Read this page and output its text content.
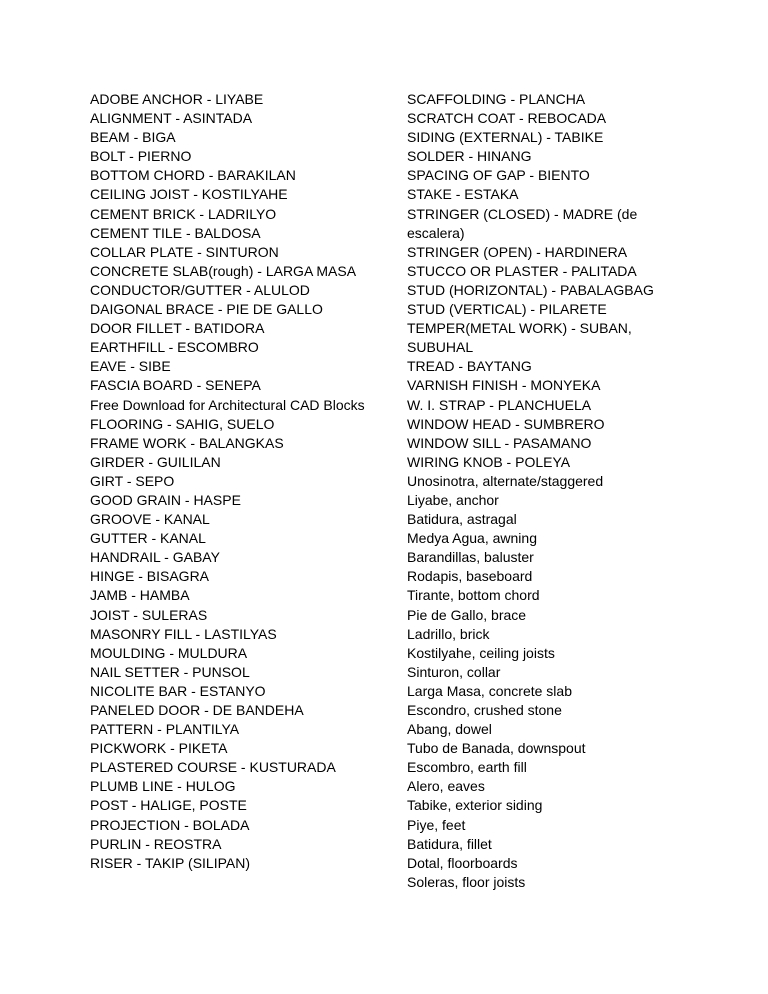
ADOBE ANCHOR - LIYABE
ALIGNMENT - ASINTADA
BEAM - BIGA
BOLT - PIERNO
BOTTOM CHORD - BARAKILAN
CEILING JOIST - KOSTILYAHE
CEMENT BRICK - LADRILYO
CEMENT TILE - BALDOSA
COLLAR PLATE - SINTURON
CONCRETE SLAB(rough) - LARGA MASA
CONDUCTOR/GUTTER - ALULOD
DAIGONAL BRACE - PIE DE GALLO
DOOR FILLET - BATIDORA
EARTHFILL - ESCOMBRO
EAVE - SIBE
FASCIA BOARD - SENEPA
Free Download for Architectural CAD Blocks
FLOORING - SAHIG, SUELO
FRAME WORK - BALANGKAS
GIRDER - GUILILAN
GIRT - SEPO
GOOD GRAIN - HASPE
GROOVE - KANAL
GUTTER - KANAL
HANDRAIL - GABAY
HINGE - BISAGRA
JAMB - HAMBA
JOIST - SULERAS
MASONRY FILL - LASTILYAS
MOULDING - MULDURA
NAIL SETTER - PUNSOL
NICOLITE BAR - ESTANYO
PANELED DOOR - DE BANDEHA
PATTERN - PLANTILYA
PICKWORK - PIKETA
PLASTERED COURSE - KUSTURADA
PLUMB LINE - HULOG
POST - HALIGE, POSTE
PROJECTION - BOLADA
PURLIN - REOSTRA
RISER - TAKIP (SILIPAN)
SCAFFOLDING - PLANCHA
SCRATCH COAT - REBOCADA
SIDING (EXTERNAL) - TABIKE
SOLDER - HINANG
SPACING OF GAP - BIENTO
STAKE - ESTAKA
STRINGER (CLOSED) - MADRE (de escalera)
STRINGER (OPEN) - HARDINERA
STUCCO OR PLASTER - PALITADA
STUD (HORIZONTAL) - PABALAGBAG
STUD (VERTICAL) - PILARETE
TEMPER(METAL WORK) - SUBAN, SUBUHAL
TREAD - BAYTANG
VARNISH FINISH - MONYEKA
W. I. STRAP - PLANCHUELA
WINDOW HEAD - SUMBRERO
WINDOW SILL - PASAMANO
WIRING KNOB - POLEYA
Unosinotra, alternate/staggered
Liyabe, anchor
Batidura, astragal
Medya Agua, awning
Barandillas, baluster
Rodapis, baseboard
Tirante, bottom chord
Pie de Gallo, brace
Ladrillo, brick
Kostilyahe, ceiling joists
Sinturon, collar
Larga Masa, concrete slab
Escondro, crushed stone
Abang, dowel
Tubo de Banada, downspout
Escombro, earth fill
Alero, eaves
Tabike, exterior siding
Piye, feet
Batidura, fillet
Dotal, floorboards
Soleras, floor joists
